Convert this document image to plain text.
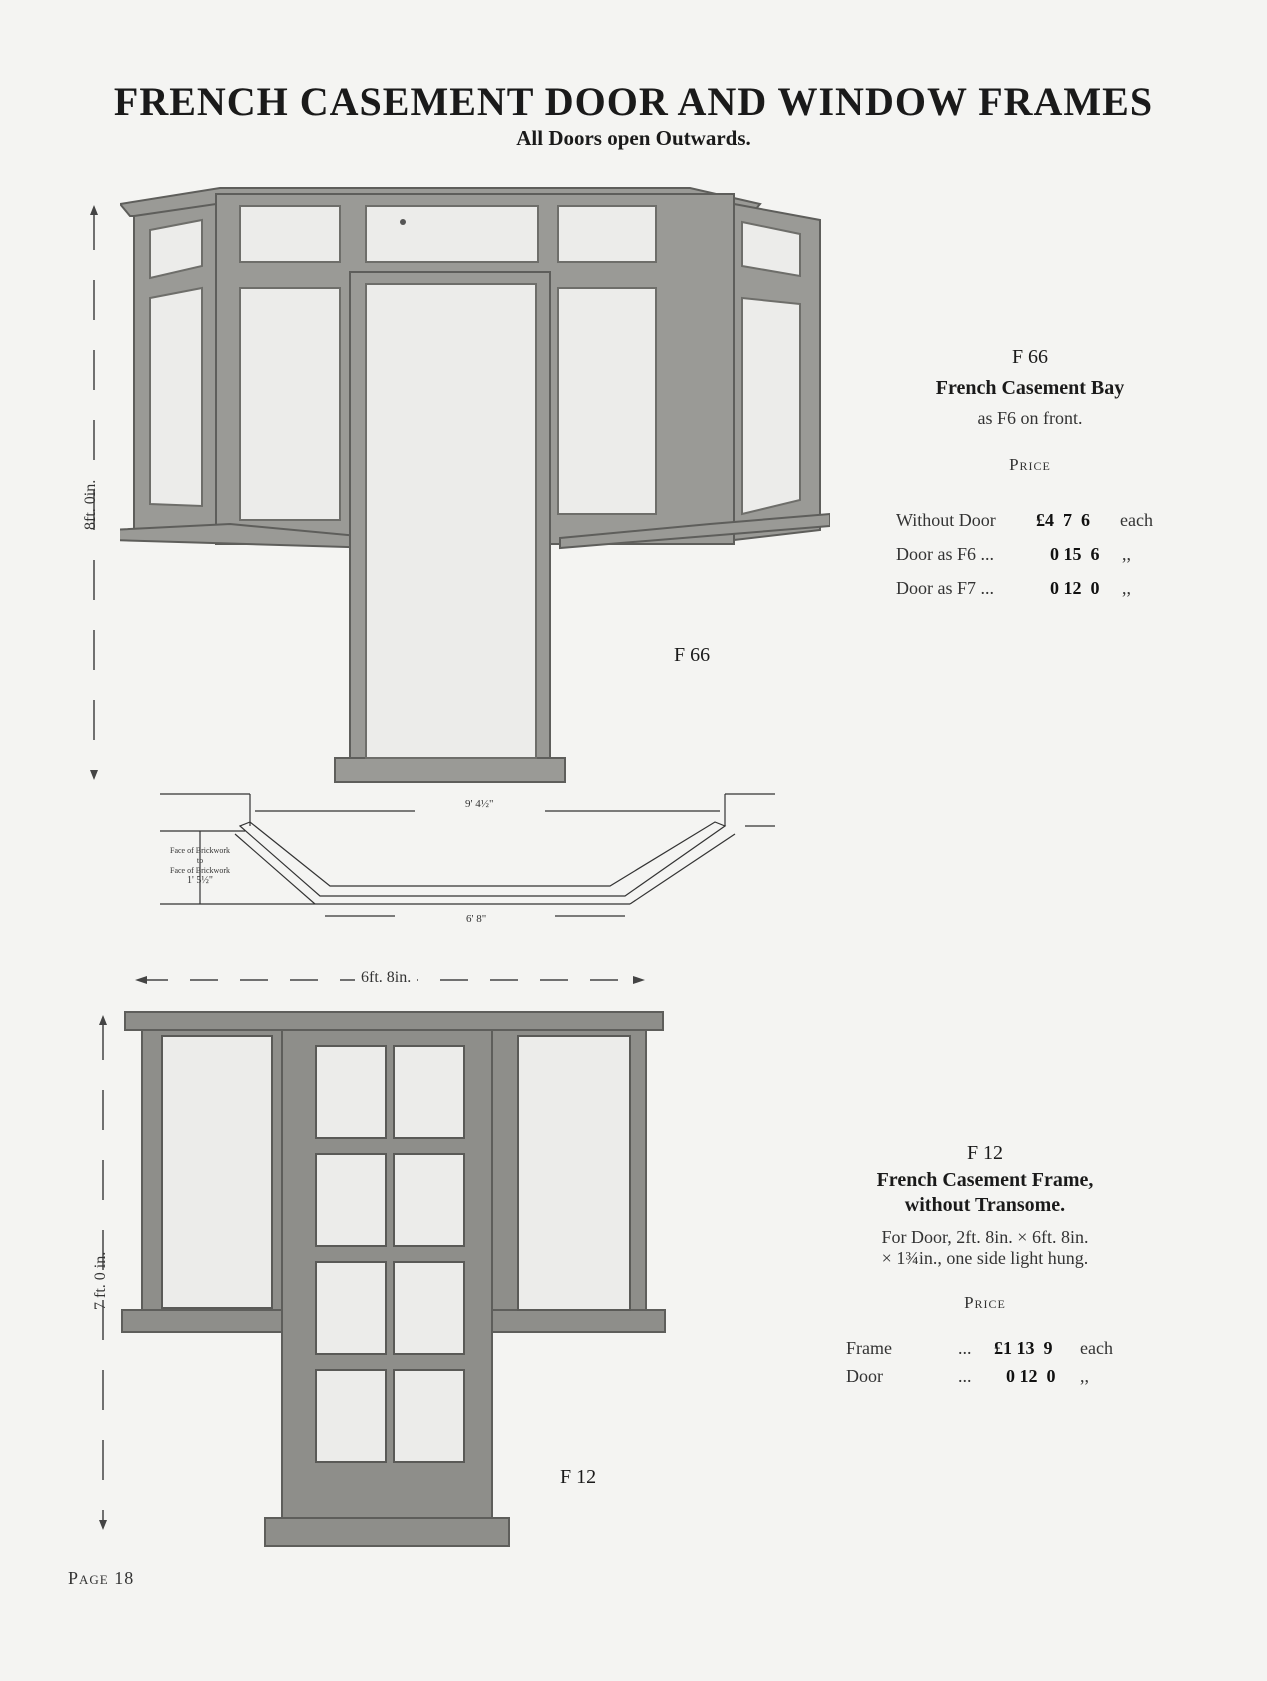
FRENCH CASEMENT DOOR AND WINDOW FRAMES
All Doors open Outwards.
8ft. 0in.
F 66
9' 4½"
6' 8"
Face of Brickwork
to
Face of Brickwork
1' 5½"
F 66
French Casement Bay
as F6 on front.
Price
Without Door £4  7  6 each
Door as F6 ...	0 15  6 ,,
Door as F7 ...	0 12  0 ,,
6ft. 8in.
7 ft. 0 in.
F 12
F 12
French Casement Frame,
without Transome.
For Door, 2ft. 8in. × 6ft. 8in.
× 1¾in., one side light hung.
Price
Frame	... £1 13  9 each
Door	... 0 12  0 ,,
Page 18
